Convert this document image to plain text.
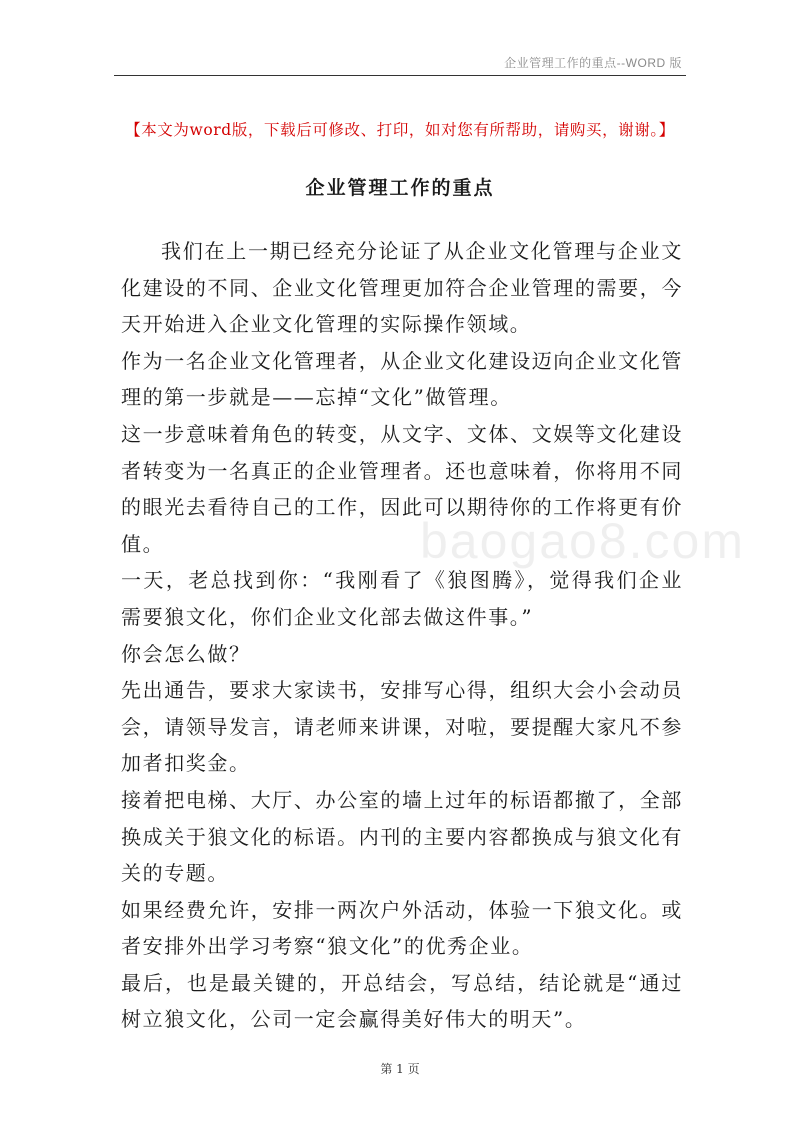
企业管理工作的重点--WORD 版
【本文为word版，下载后可修改、打印，如对您有所帮助，请购买，谢谢。】
企业管理工作的重点
baogao8.com

我们在上一期已经充分论证了从企业文化管理与企业文化建设的不同、企业文化管理更加符合企业管理的需要，今天开始进入企业文化管理的实际操作领域。

作为一名企业文化管理者，从企业文化建设迈向企业文化管理的第一步就是——忘掉“文化”做管理。

这一步意味着角色的转变，从文字、文体、文娱等文化建设者转变为一名真正的企业管理者。还也意味着，你将用不同的眼光去看待自己的工作，因此可以期待你的工作将更有价值。

一天，老总找到你：“我刚看了《狼图腾》，觉得我们企业需要狼文化，你们企业文化部去做这件事。”

你会怎么做？

先出通告，要求大家读书，安排写心得，组织大会小会动员会，请领导发言，请老师来讲课，对啦，要提醒大家凡不参加者扣奖金。

接着把电梯、大厅、办公室的墙上过年的标语都撤了，全部换成关于狼文化的标语。内刊的主要内容都换成与狼文化有关的专题。

如果经费允许，安排一两次户外活动，体验一下狼文化。或者安排外出学习考察“狼文化”的优秀企业。

最后，也是最关键的，开总结会，写总结，结论就是“通过树立狼文化，公司一定会赢得美好伟大的明天”。

第 1 页
